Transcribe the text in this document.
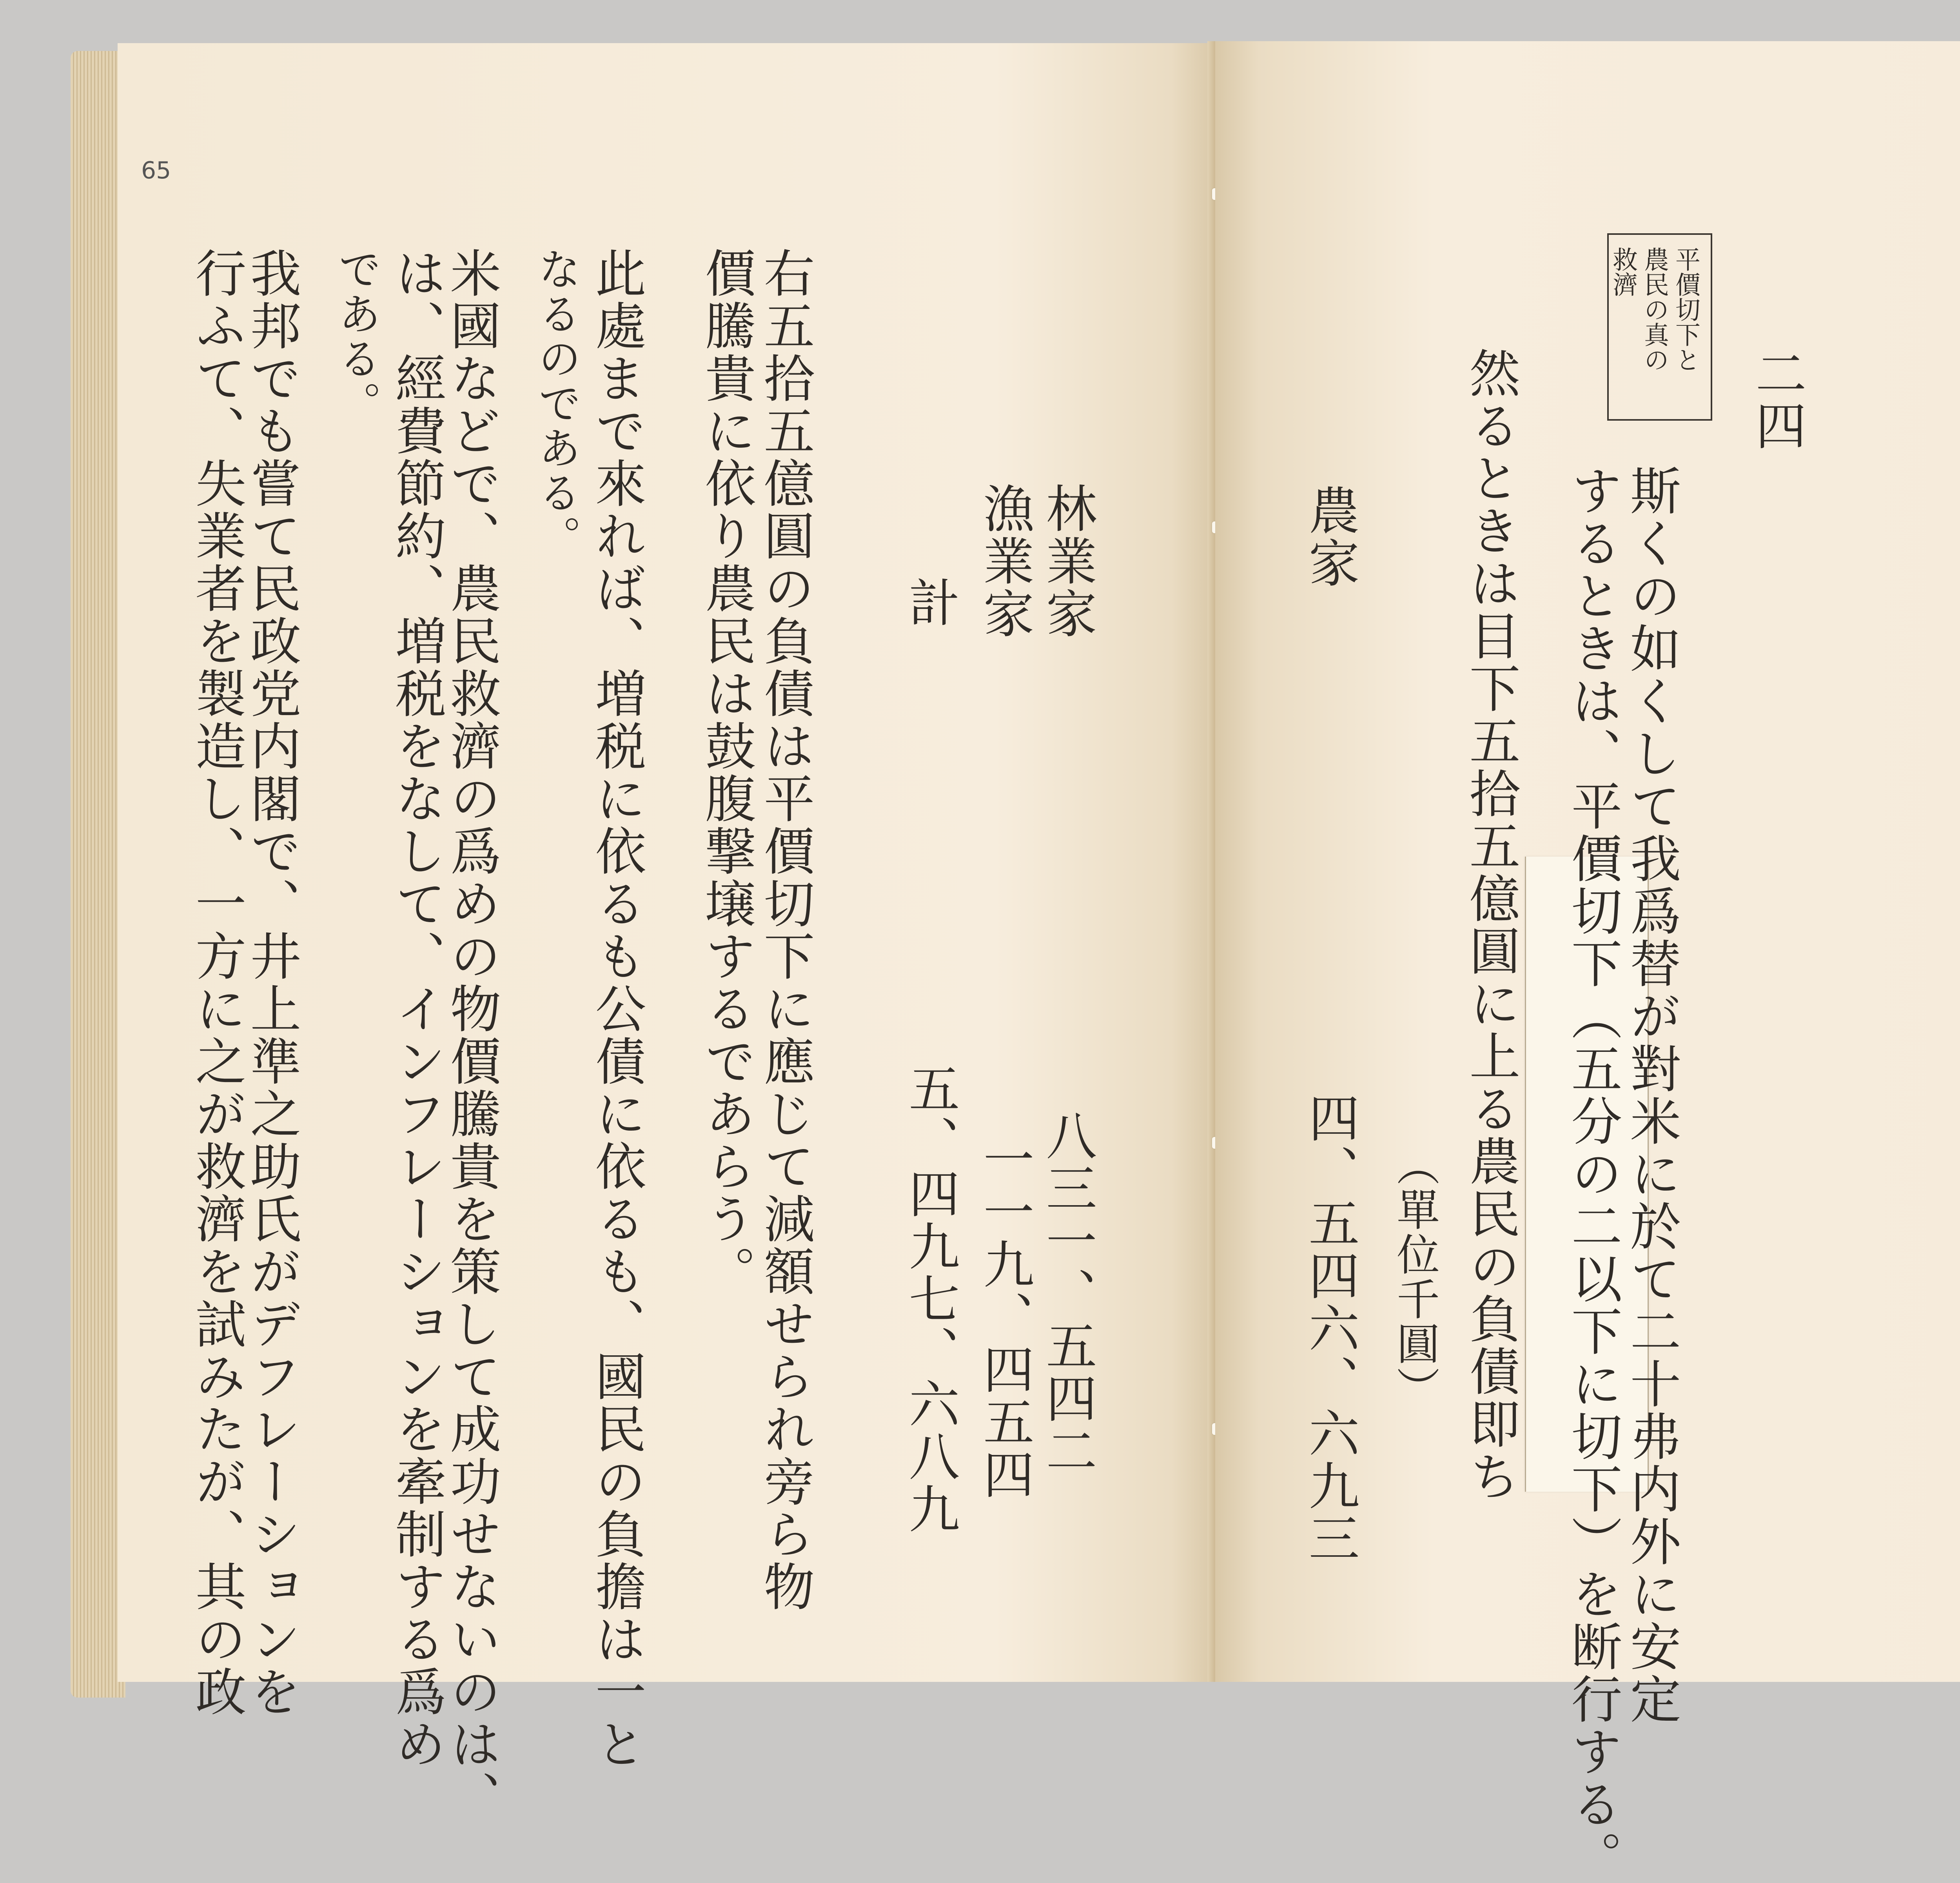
65

右五拾五億圓の負債は平價切下に應じて減額せられ旁ら物
價騰貴に依り農民は鼓腹撃壌するであらう。
此處まで來れば、増税に依るも公債に依るも、國民の負擔は一と
なるのである。
米國などで、農民救濟の爲めの物價騰貴を策して成功せないのは、
は、經費節約、増税をなして、インフレーションを牽制する爲め
である。
我邦でも嘗て民政党内閣で、井上準之助氏がデフレーションを
行ふて、失業者を製造し、一方に之が救濟を試みたが、其の政	林業家
漁業家
計
八三一、五四二
一一九、四五四
五、四九七、六八九
二四
平價切下と
農民の真の
救濟
斯くの如くして我爲替が對米に於て二十弗内外に安定
するときは、平價切下（五分の二以下に切下）を断行する。
然るときは目下五拾五億圓に上る農民の負債即ち
（單位千圓）
農家
四、五四六、六九三
